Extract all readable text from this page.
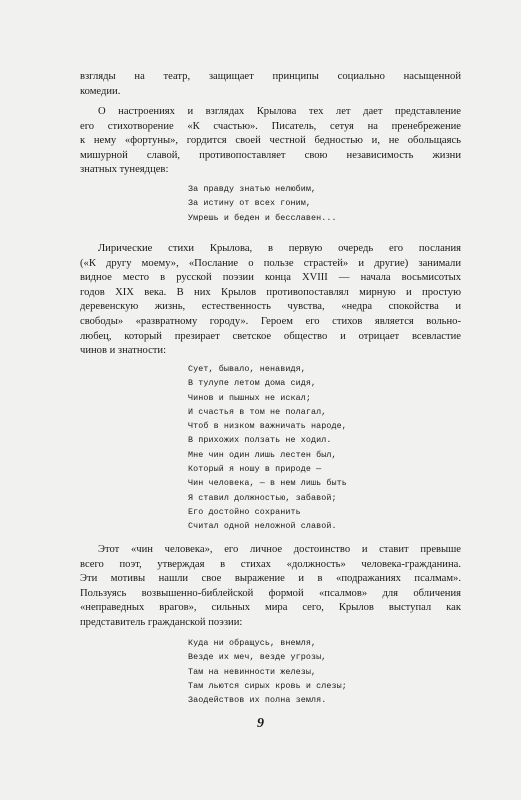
взгляды на театр, защищает принципы социально насыщенной
комедии.
О настроениях и взглядах Крылова тех лет дает представление
его стихотворение «К счастью». Писатель, сетуя на пренебрежение
к нему «фортуны», гордится своей честной бедностью и, не обольщаясь
мишурной славой, противопоставляет свою независимость жизни
знатных тунеядцев:
За правду знатью нелюбим,
За истину от всех гоним,
Умрешь и беден и бесславен...
Лирические стихи Крылова, в первую очередь его послания
(«К другу моему», «Послание о пользе страстей» и другие) занимали
видное место в русской поэзии конца XVIII — начала восьмисотых
годов XIX века. В них Крылов противопоставлял мирную и простую
деревенскую жизнь, естественность чувства, «недра спокойства и
свободы» «развратному городу». Героем его стихов является вольно-
любец, который презирает светское общество и отрицает всевластие
чинов и знатности:
Сует, бывало, ненавидя,
В тулупе летом дома сидя,
Чинов и пышных не искал;
И счастья в том не полагал,
Чтоб в низком важничать народе,
В прихожих ползать не ходил.
Мне чин один лишь лестен был,
Который я ношу в природе —
Чин человека, — в нем лишь быть
Я ставил должностью, забавой;
Его достойно сохранить
Считал одной неложной славой.
Этот «чин человека», его личное достоинство и ставит превыше
всего поэт, утверждая в стихах «должность» человека-гражданина.
Эти мотивы нашли свое выражение и в «подражаниях псалмам».
Пользуясь возвышенно-библейской формой «псалмов» для обличения
«неправедных врагов», сильных мира сего, Крылов выступал как
представитель гражданской поэзии:
Куда ни обращусь, внемля,
Везде их меч, везде угрозы,
Там на невинности железы,
Там льются сирых кровь и слезы;
Заодействов их полна земля.
9
